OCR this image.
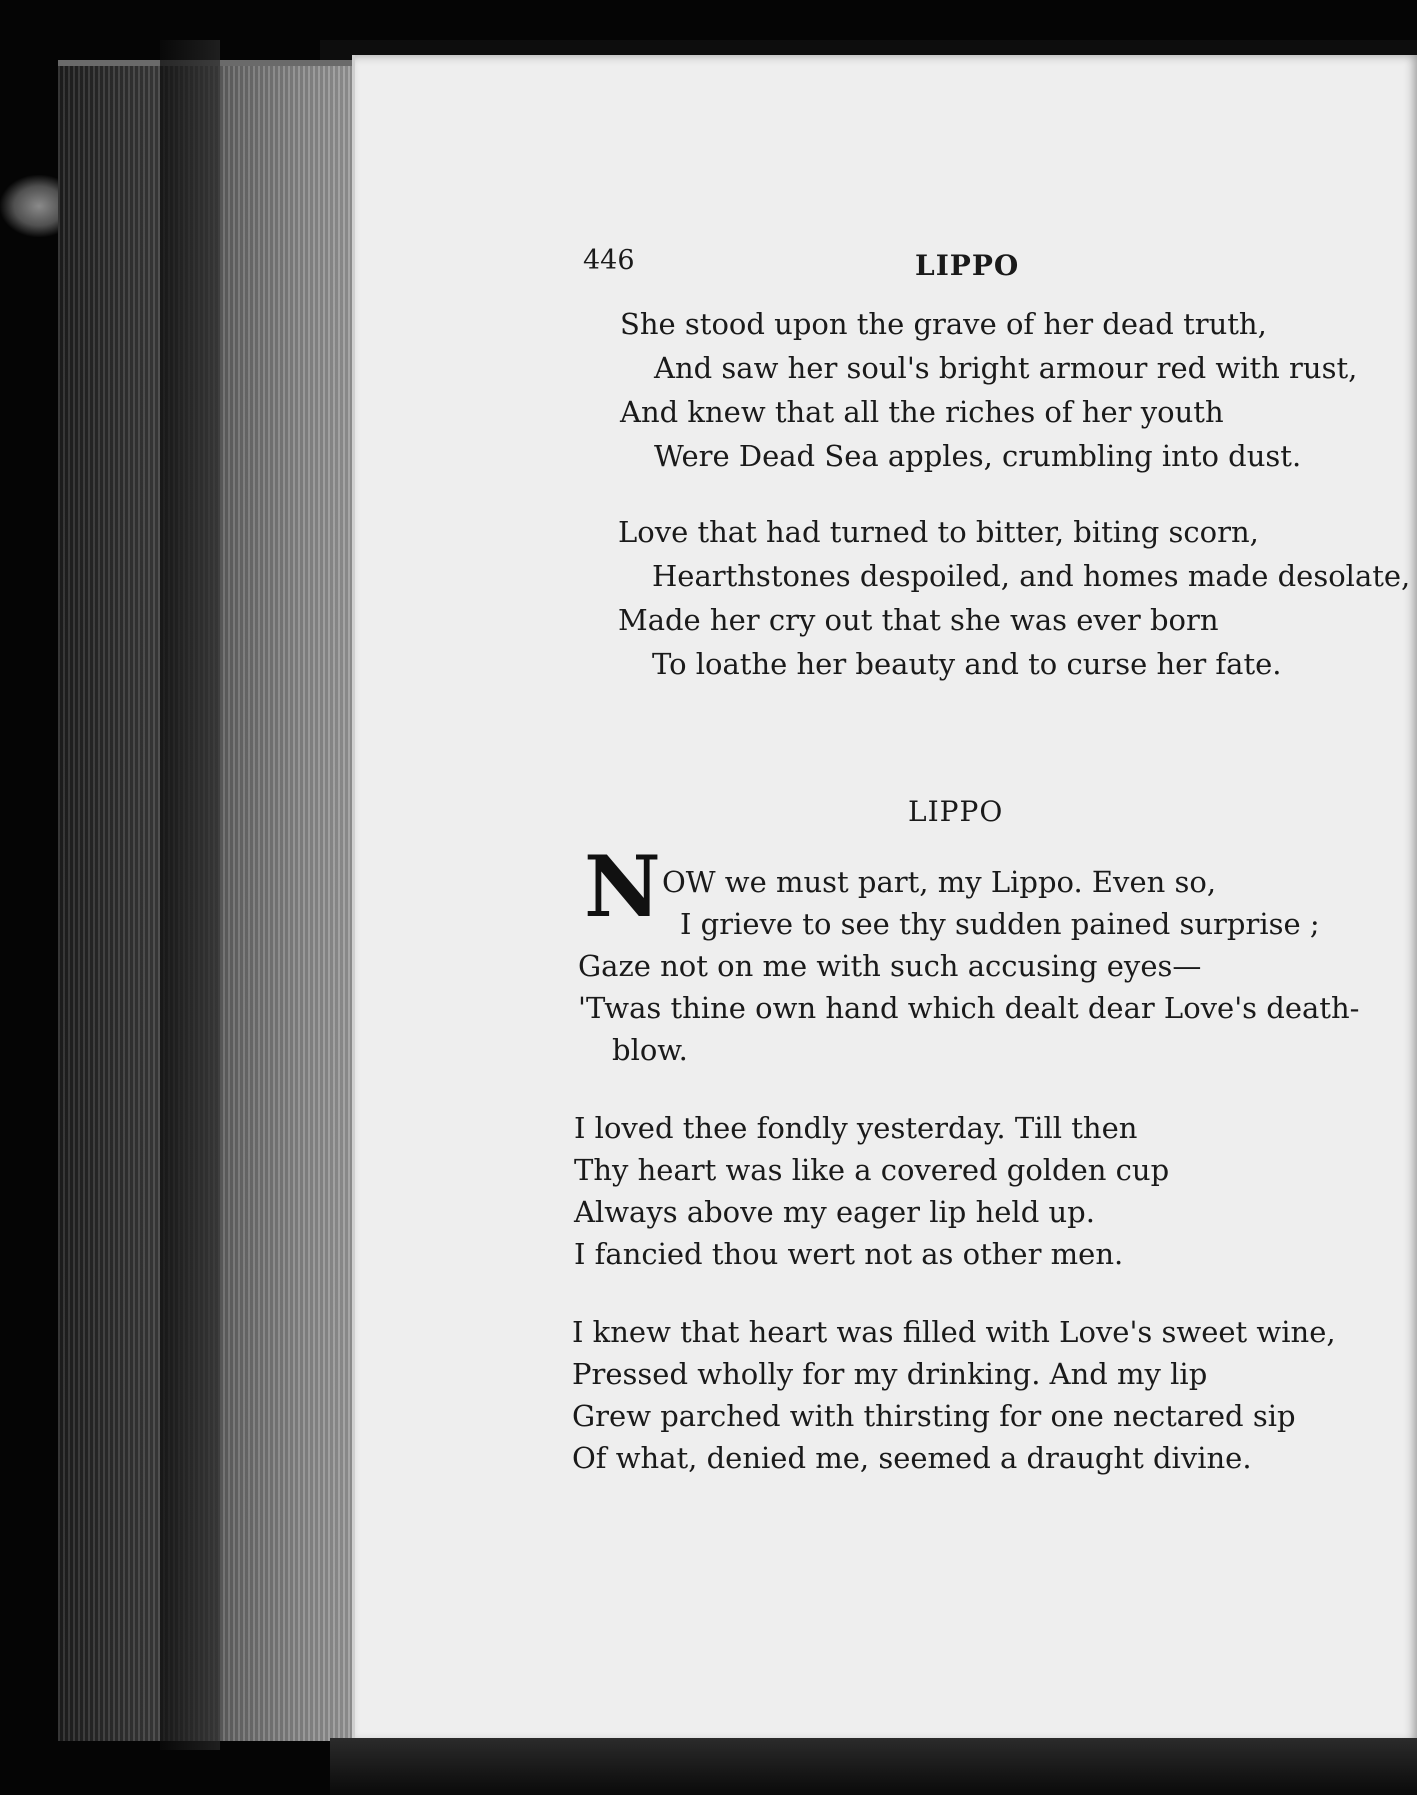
446	LIPPO
She stood upon the grave of her dead truth,
And saw her soul's bright armour red with rust,
And knew that all the riches of her youth
Were Dead Sea apples, crumbling into dust.
Love that had turned to bitter, biting scorn,
Hearthstones despoiled, and homes made desolate,
Made her cry out that she was ever born
To loathe her beauty and to curse her fate.
LIPPO
N OW we must part, my Lippo. Even so,
I grieve to see thy sudden pained surprise ;
Gaze not on me with such accusing eyes—
'Twas thine own hand which dealt dear Love's death-
blow.
I loved thee fondly yesterday. Till then
Thy heart was like a covered golden cup
Always above my eager lip held up.
I fancied thou wert not as other men.
I knew that heart was filled with Love's sweet wine,
Pressed wholly for my drinking. And my lip
Grew parched with thirsting for one nectared sip
Of what, denied me, seemed a draught divine.
